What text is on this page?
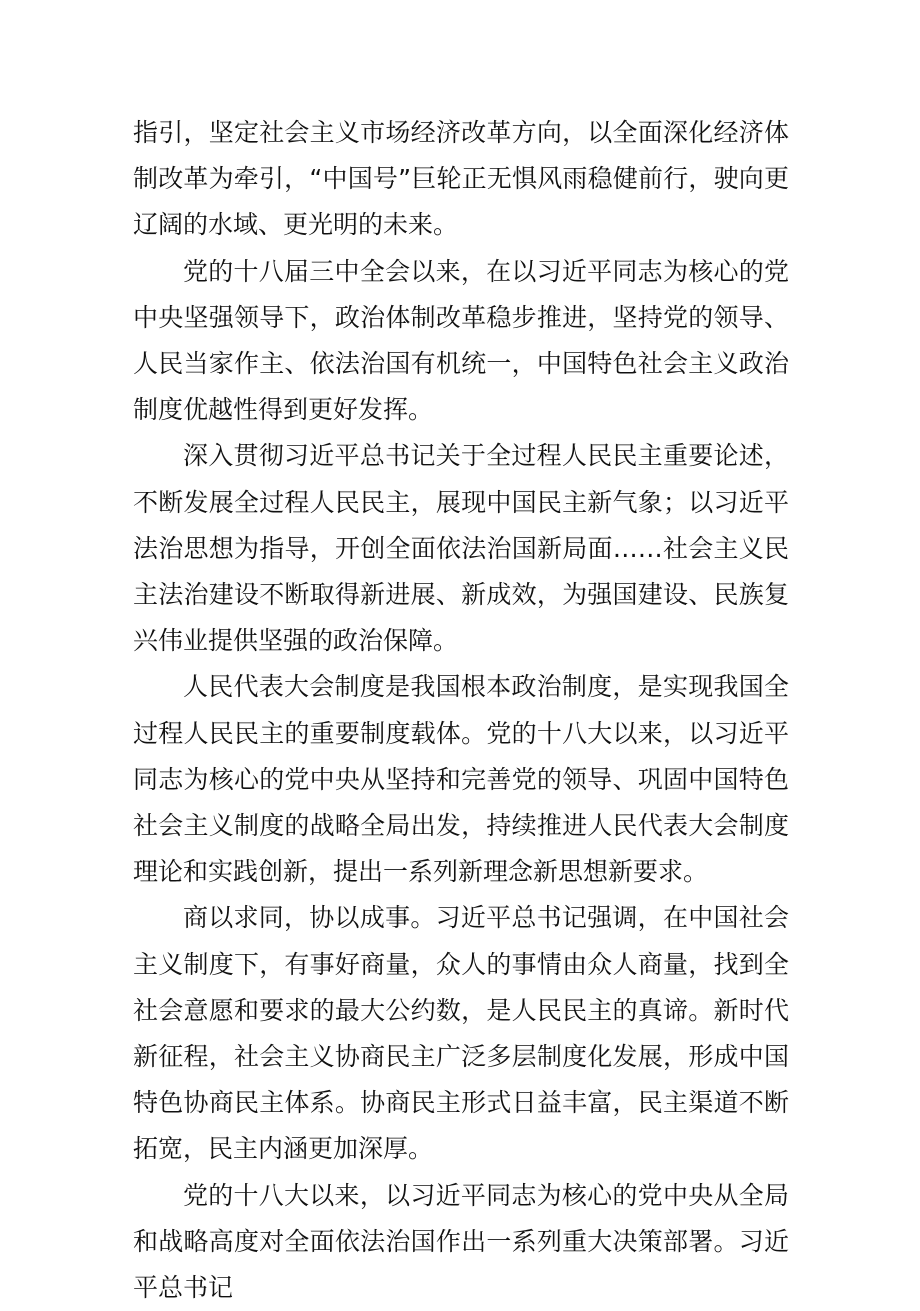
指引，坚定社会主义市场经济改革方向，以全面深化经济体制改革为牵引，“中国号”巨轮正无惧风雨稳健前行，驶向更辽阔的水域、更光明的未来。

党的十八届三中全会以来，在以习近平同志为核心的党中央坚强领导下，政治体制改革稳步推进，坚持党的领导、人民当家作主、依法治国有机统一，中国特色社会主义政治制度优越性得到更好发挥。

深入贯彻习近平总书记关于全过程人民民主重要论述，不断发展全过程人民民主，展现中国民主新气象；以习近平法治思想为指导，开创全面依法治国新局面……社会主义民主法治建设不断取得新进展、新成效，为强国建设、民族复兴伟业提供坚强的政治保障。

人民代表大会制度是我国根本政治制度，是实现我国全过程人民民主的重要制度载体。党的十八大以来，以习近平同志为核心的党中央从坚持和完善党的领导、巩固中国特色社会主义制度的战略全局出发，持续推进人民代表大会制度理论和实践创新，提出一系列新理念新思想新要求。

商以求同，协以成事。习近平总书记强调，在中国社会主义制度下，有事好商量，众人的事情由众人商量，找到全社会意愿和要求的最大公约数，是人民民主的真谛。新时代新征程，社会主义协商民主广泛多层制度化发展，形成中国特色协商民主体系。协商民主形式日益丰富，民主渠道不断拓宽，民主内涵更加深厚。

党的十八大以来，以习近平同志为核心的党中央从全局和战略高度对全面依法治国作出一系列重大决策部署。习近平总书记
